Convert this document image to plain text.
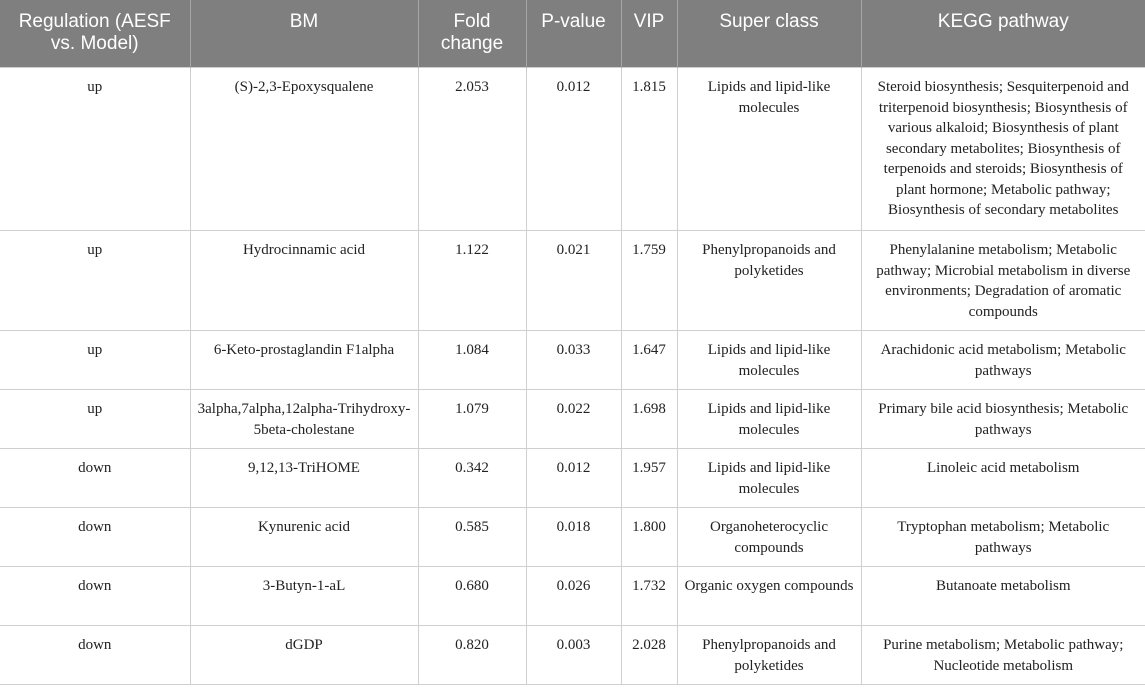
Regulation (AESF vs. Model)	BM	Fold change	P-value	VIP	Super class	KEGG pathway
up	(S)-2,3-Epoxysqualene	2.053	0.012	1.815	Lipids and lipid-like molecules	Steroid biosynthesis; Sesquiterpenoid and triterpenoid biosynthesis; Biosynthesis of various alkaloid; Biosynthesis of plant secondary metabolites; Biosynthesis of terpenoids and steroids; Biosynthesis of plant hormone; Metabolic pathway; Biosynthesis of secondary metabolites
up	Hydrocinnamic acid	1.122	0.021	1.759	Phenylpropanoids and polyketides	Phenylalanine metabolism; Metabolic pathway; Microbial metabolism in diverse environments; Degradation of aromatic compounds
up	6-Keto-prostaglandin F1alpha	1.084	0.033	1.647	Lipids and lipid-like molecules	Arachidonic acid metabolism; Metabolic pathways
up	3alpha,7alpha,12alpha-Trihydroxy-5beta-cholestane	1.079	0.022	1.698	Lipids and lipid-like molecules	Primary bile acid biosynthesis; Metabolic pathways
down	9,12,13-TriHOME	0.342	0.012	1.957	Lipids and lipid-like molecules	Linoleic acid metabolism
down	Kynurenic acid	0.585	0.018	1.800	Organoheterocyclic compounds	Tryptophan metabolism; Metabolic pathways
down	3-Butyn-1-aL	0.680	0.026	1.732	Organic oxygen compounds	Butanoate metabolism
down	dGDP	0.820	0.003	2.028	Phenylpropanoids and polyketides	Purine metabolism; Metabolic pathway; Nucleotide metabolism
